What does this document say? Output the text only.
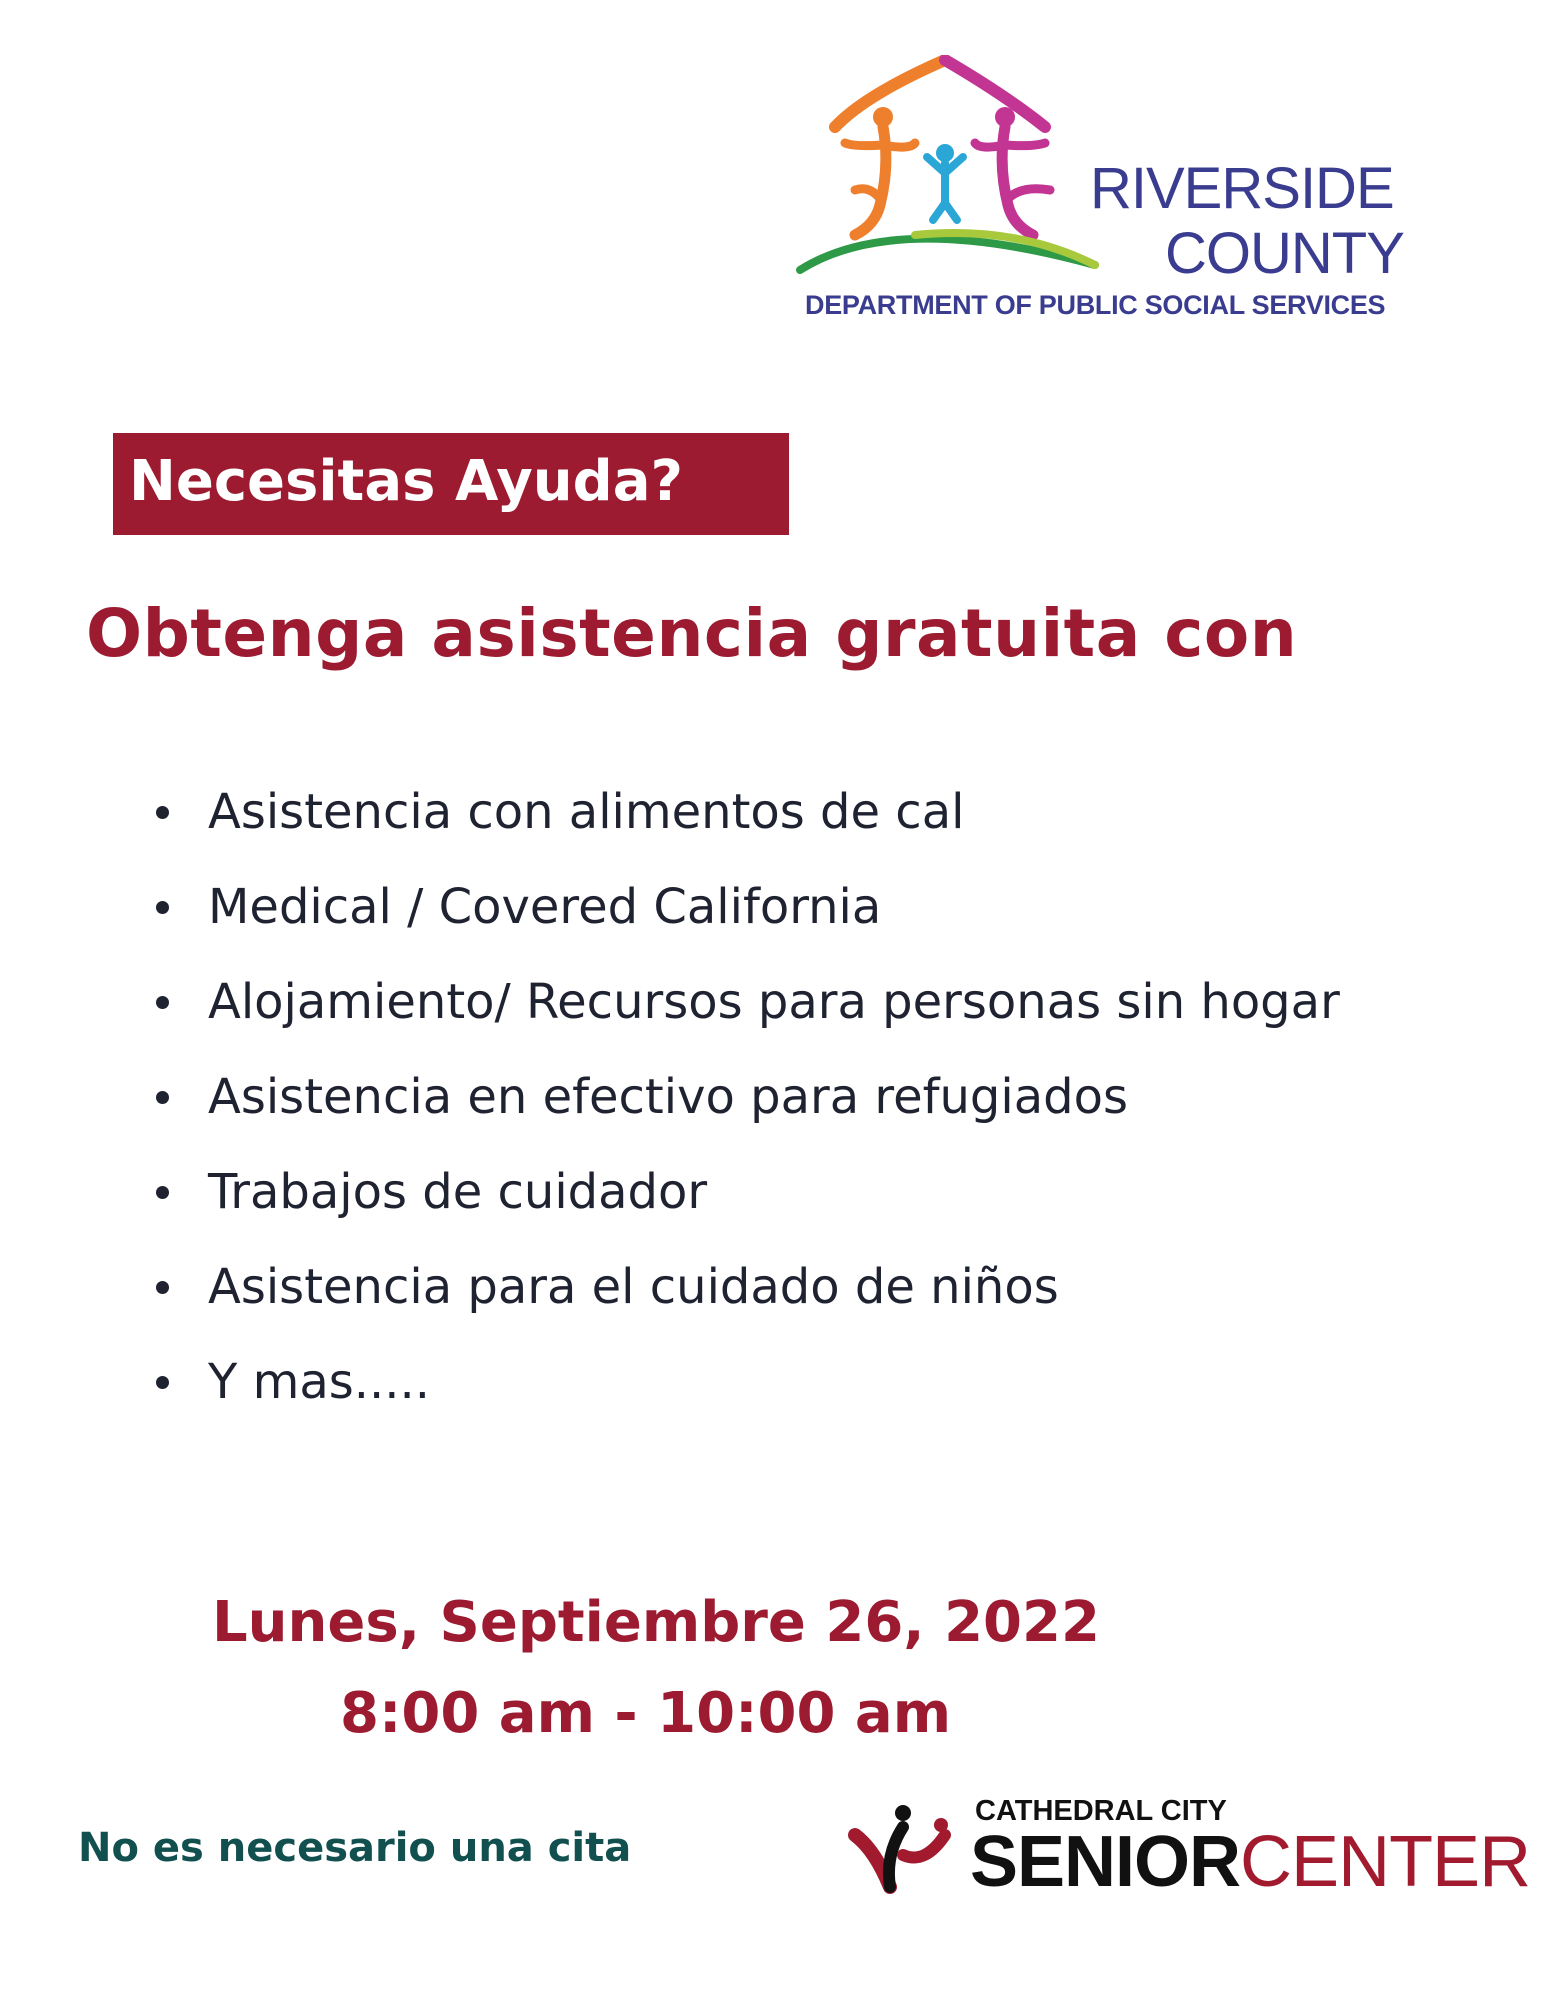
RIVERSIDE
COUNTY
DEPARTMENT OF PUBLIC SOCIAL SERVICES
Necesitas Ayuda?
Obtenga asistencia gratuita con
Asistencia con alimentos de cal
Medical / Covered California
Alojamiento/ Recursos para personas sin hogar
Asistencia en efectivo para refugiados
Trabajos de cuidador
Asistencia para el cuidado de niños
Y mas.....
Lunes, Septiembre 26, 2022
8:00 am - 10:00 am
No es necesario una cita
CATHEDRAL CITY
SENIORCENTER
